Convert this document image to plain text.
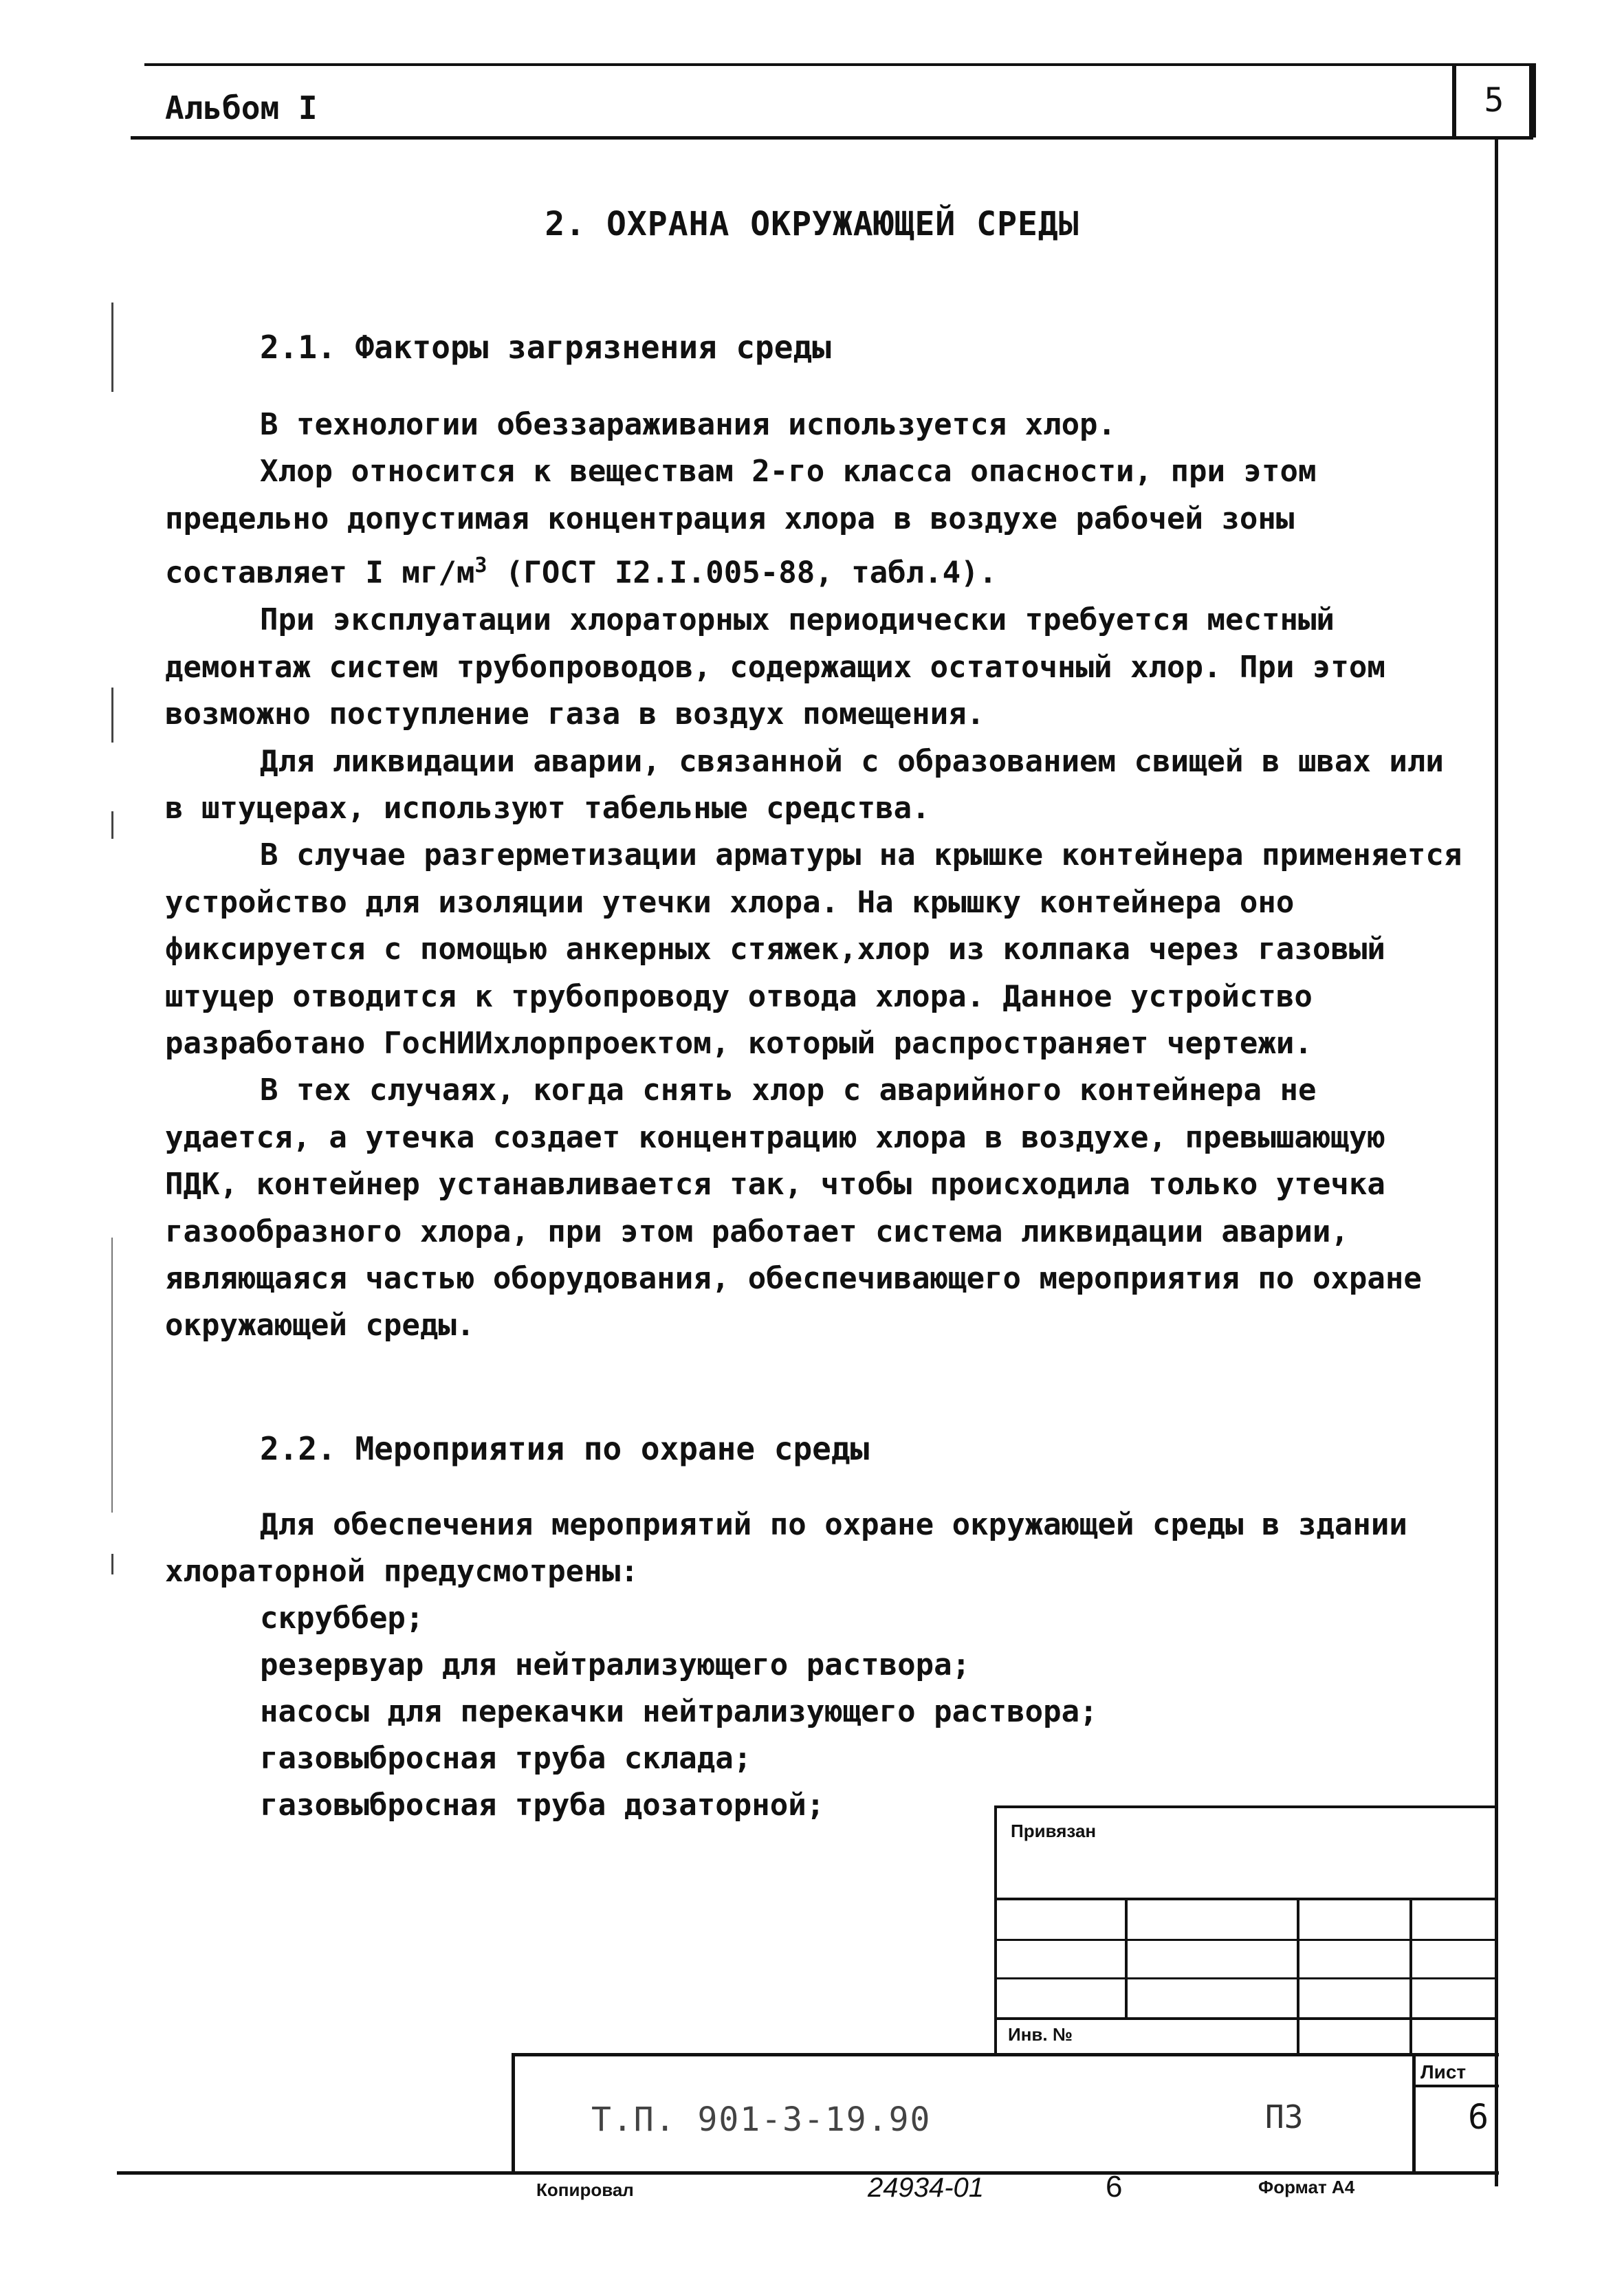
Альбом I	5
2. ОХРАНА ОКРУЖАЮЩЕЙ СРЕДЫ
2.1. Факторы загрязнения среды

В технологии обеззараживания используется хлор.

Хлор относится к веществам 2-го класса опасности, при этом предельно допустимая концентрация хлора в воздухе рабочей зоны составляет I $мг/м^3$ (ГОСТ I2.I.005-88, табл.4).

При эксплуатации хлораторных периодически требуется местный демонтаж систем трубопроводов, содержащих остаточный хлор. При этом возможно поступление газа в воздух помещения.

Для ликвидации аварии, связанной с образованием свищей в швах или в штуцерах, используют табельные средства.

В случае разгерметизации арматуры на крышке контейнера применяется устройство для изоляции утечки хлора. На крышку контейнера оно фиксируется с помощью анкерных стяжек,хлор из колпака через газовый штуцер отводится к трубопроводу отвода хлора. Данное устройство разработано ГосНИИхлорпроектом, который распространяет чертежи.

В тех случаях, когда снять хлор с аварийного контейнера не удается, а утечка создает концентрацию хлора в воздухе, превышающую ПДК, контейнер устанавливается так, чтобы происходила только утечка газообразного хлора, при этом работает система ликвидации аварии, являющаяся частью оборудования, обеспечивающего мероприятия по охране окружающей среды.

2.2. Мероприятия по охране среды

Для обеспечения мероприятий по охране окружающей среды в здании хлораторной предусмотрены:

скруббер;
резервуар для нейтрализующего раствора;
насосы для перекачки нейтрализующего раствора;
газовыбросная труба склада;
газовыбросная труба дозаторной;
Привязан
Инв. №
Лист
Т.П. 901-3-19.90	ПЗ	6
Копировал	24934-01	6	Формат А4
